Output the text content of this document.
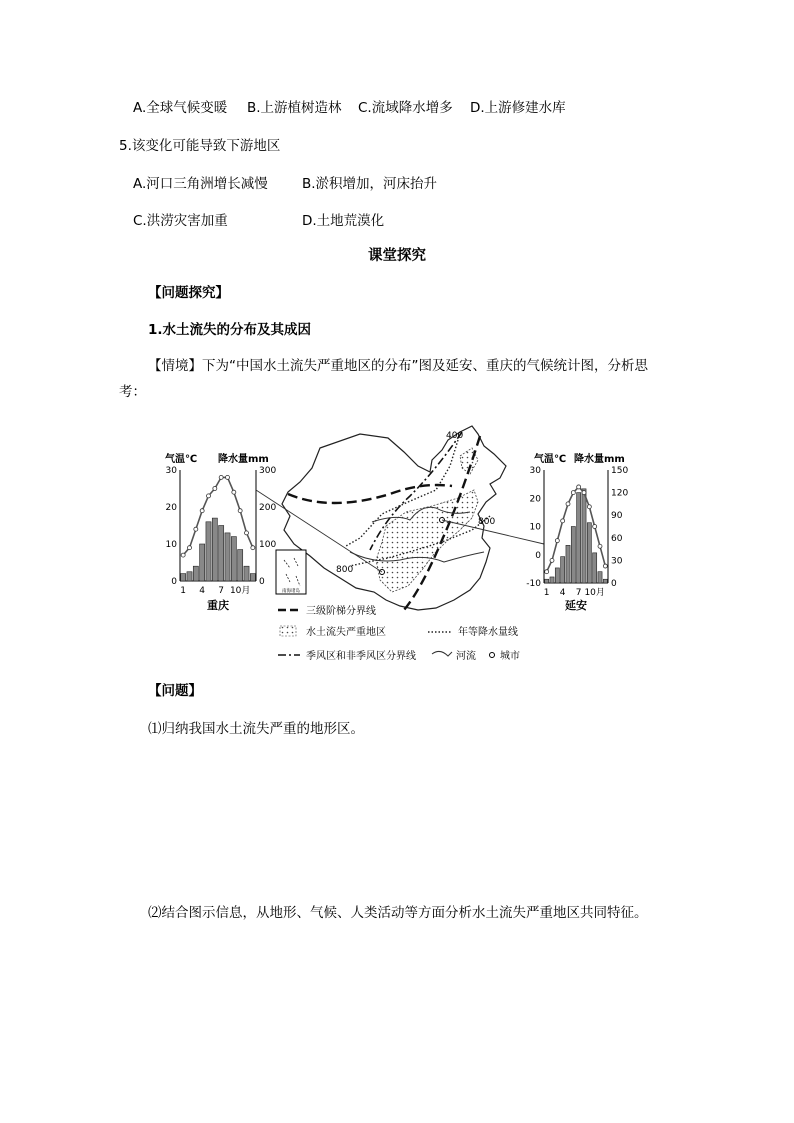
A.全球气候变暖 B.上游植树造林 C.流域降水增多 D.上游修建水库
5.该变化可能导致下游地区
A.河口三角洲增长减慢	B.淤积增加，河床抬升
C.洪涝灾害加重	D.土地荒漠化
课堂探究
【问题探究】
1.水土流失的分布及其成因
【情境】下为“中国水土流失严重地区的分布”图及延安、重庆的气候统计图，分析思
考：
气温℃ 降水量mm
30
20
10
0
300
200
100
0
1 4 7 10月
重庆
400
800
800
南海诸岛
三级阶梯分界线
水土流失严重地区	年等降水量线
季风区和非季风区分界线	河流 城市
气温℃ 降水量mm
30
20
10
0
-10
150
120
90
60
30
0
1 4 7 10月
延安
【问题】
⑴归纳我国水土流失严重的地形区。
⑵结合图示信息，从地形、气候、人类活动等方面分析水土流失严重地区共同特征。
